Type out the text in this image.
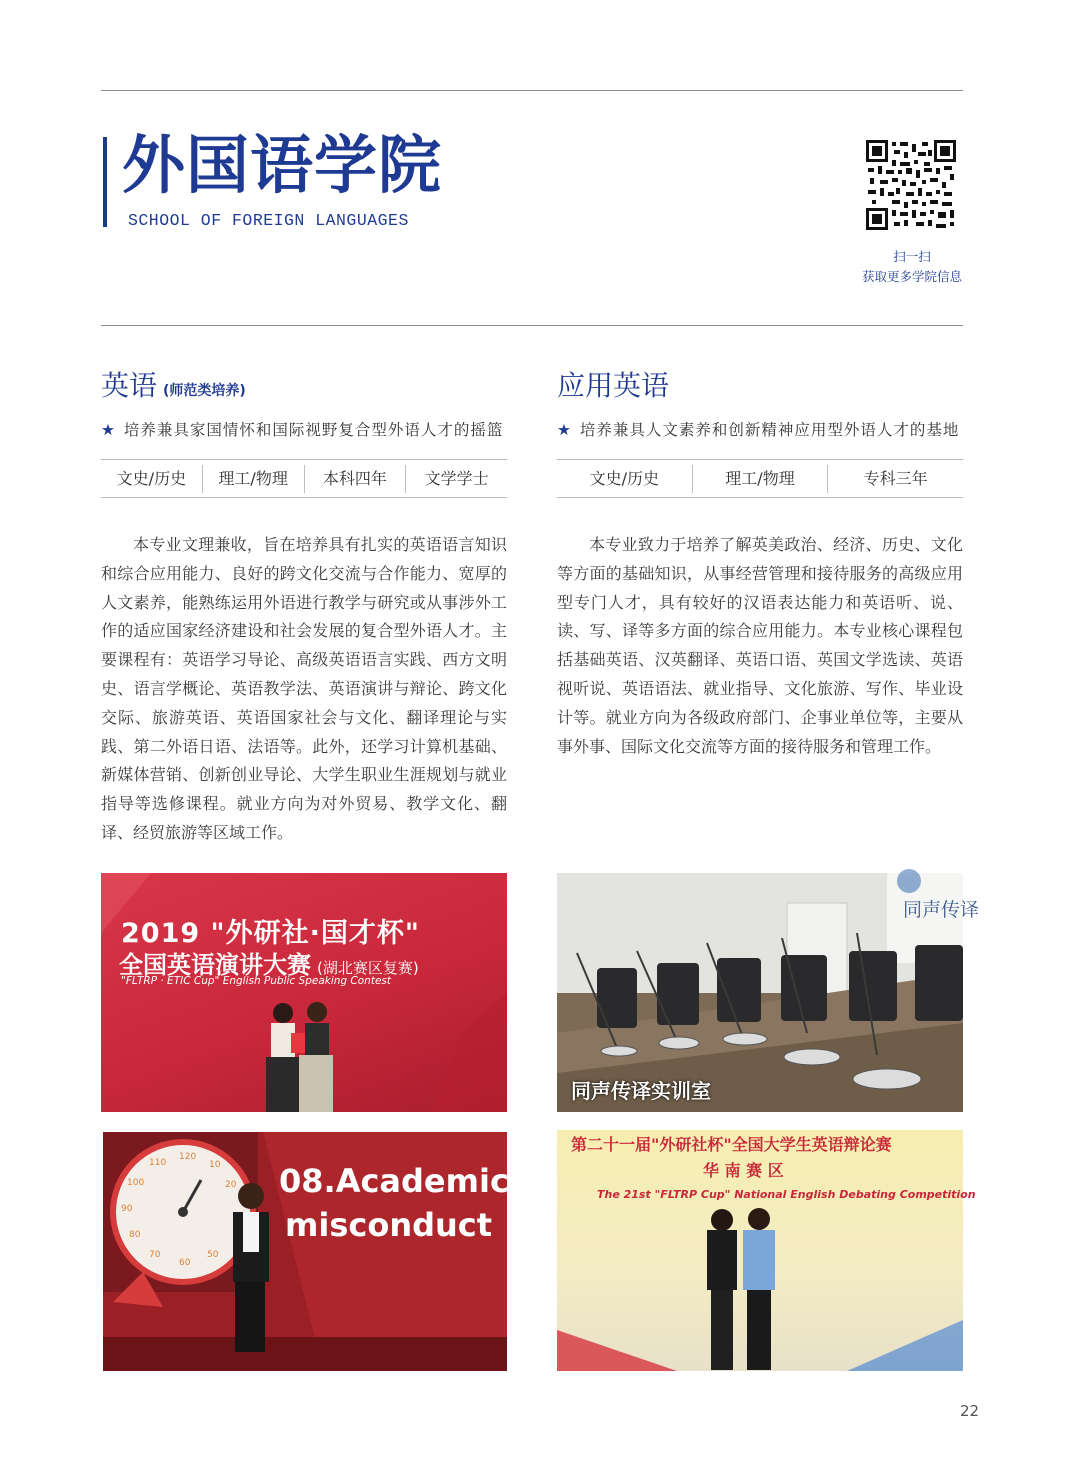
外国语学院
SCHOOL OF FOREIGN LANGUAGES
扫一扫
获取更多学院信息
英语 (师范类培养)
★ 培养兼具家国情怀和国际视野复合型外语人才的摇篮
文史/历史	理工/物理	本科四年	文学学士

本专业文理兼收，旨在培养具有扎实的英语语言知识和综合应用能力、良好的跨文化交流与合作能力、宽厚的人文素养，能熟练运用外语进行教学与研究或从事涉外工作的适应国家经济建设和社会发展的复合型外语人才。主要课程有：英语学习导论、高级英语语言实践、西方文明史、语言学概论、英语教学法、英语演讲与辩论、跨文化交际、旅游英语、英语国家社会与文化、翻译理论与实践、第二外语日语、法语等。此外，还学习计算机基础、新媒体营销、创新创业导论、大学生职业生涯规划与就业指导等选修课程。就业方向为对外贸易、教学文化、翻译、经贸旅游等区域工作。

应用英语
★ 培养兼具人文素养和创新精神应用型外语人才的基地
文史/历史	理工/物理	专科三年

本专业致力于培养了解英美政治、经济、历史、文化等方面的基础知识，从事经营管理和接待服务的高级应用型专门人才，具有较好的汉语表达能力和英语听、说、读、写、译等多方面的综合应用能力。本专业核心课程包括基础英语、汉英翻译、英语口语、英国文学选读、英语视听说、英语语法、就业指导、文化旅游、写作、毕业设计等。就业方向为各级政府部门、企事业单位等，主要从事外事、国际文化交流等方面的接待服务和管理工作。

2019 "外研社·国才杯"
全国英语演讲大赛 (湖北赛区复赛)
"FLTRP · ETIC Cup" English Public Speaking Contest
同声传译
同声传译实训室
110
120
10
20
100
90
80
70
60
50
08.Academic
misconduct
第二十一届"外研社杯"全国大学生英语辩论赛
华 南 赛 区
The 21st "FLTRP Cup" National English Debating Competition
22
